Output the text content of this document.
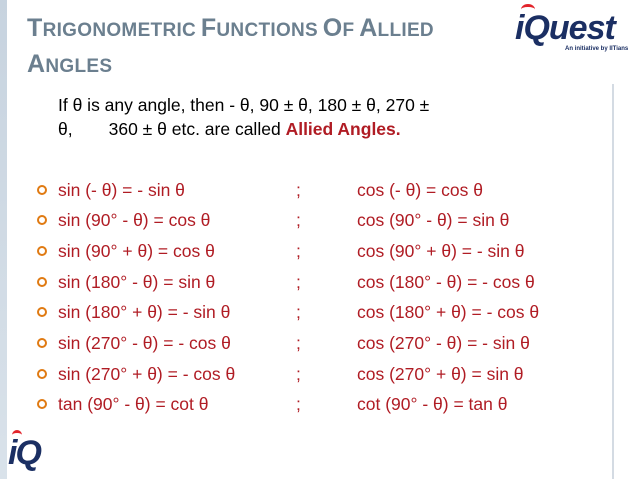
TRIGONOMETRIC FUNCTIONS OF ALLIED
ANGLES
iQuest
An initiative by IITians
If θ is any angle, then - θ, 90 ± θ, 180 ± θ, 270 ±
θ, 360 ± θ etc. are called Allied Angles.
sin (- θ) = - sin θ	;	cos (- θ) = cos θ
sin (90° - θ) = cos θ	;	cos (90° - θ) = sin θ
sin (90° + θ) = cos θ	;	cos (90° + θ) = - sin θ
sin (180° - θ) = sin θ	;	cos (180° - θ) = - cos θ
sin (180° + θ) = - sin θ	;	cos (180° + θ) = - cos θ
sin (270° - θ) = - cos θ	;	cos (270° - θ) = - sin θ
sin (270° + θ) = - cos θ	;	cos (270° + θ) = sin θ
tan (90° - θ) = cot θ	;	cot (90° - θ) = tan θ
iQ
